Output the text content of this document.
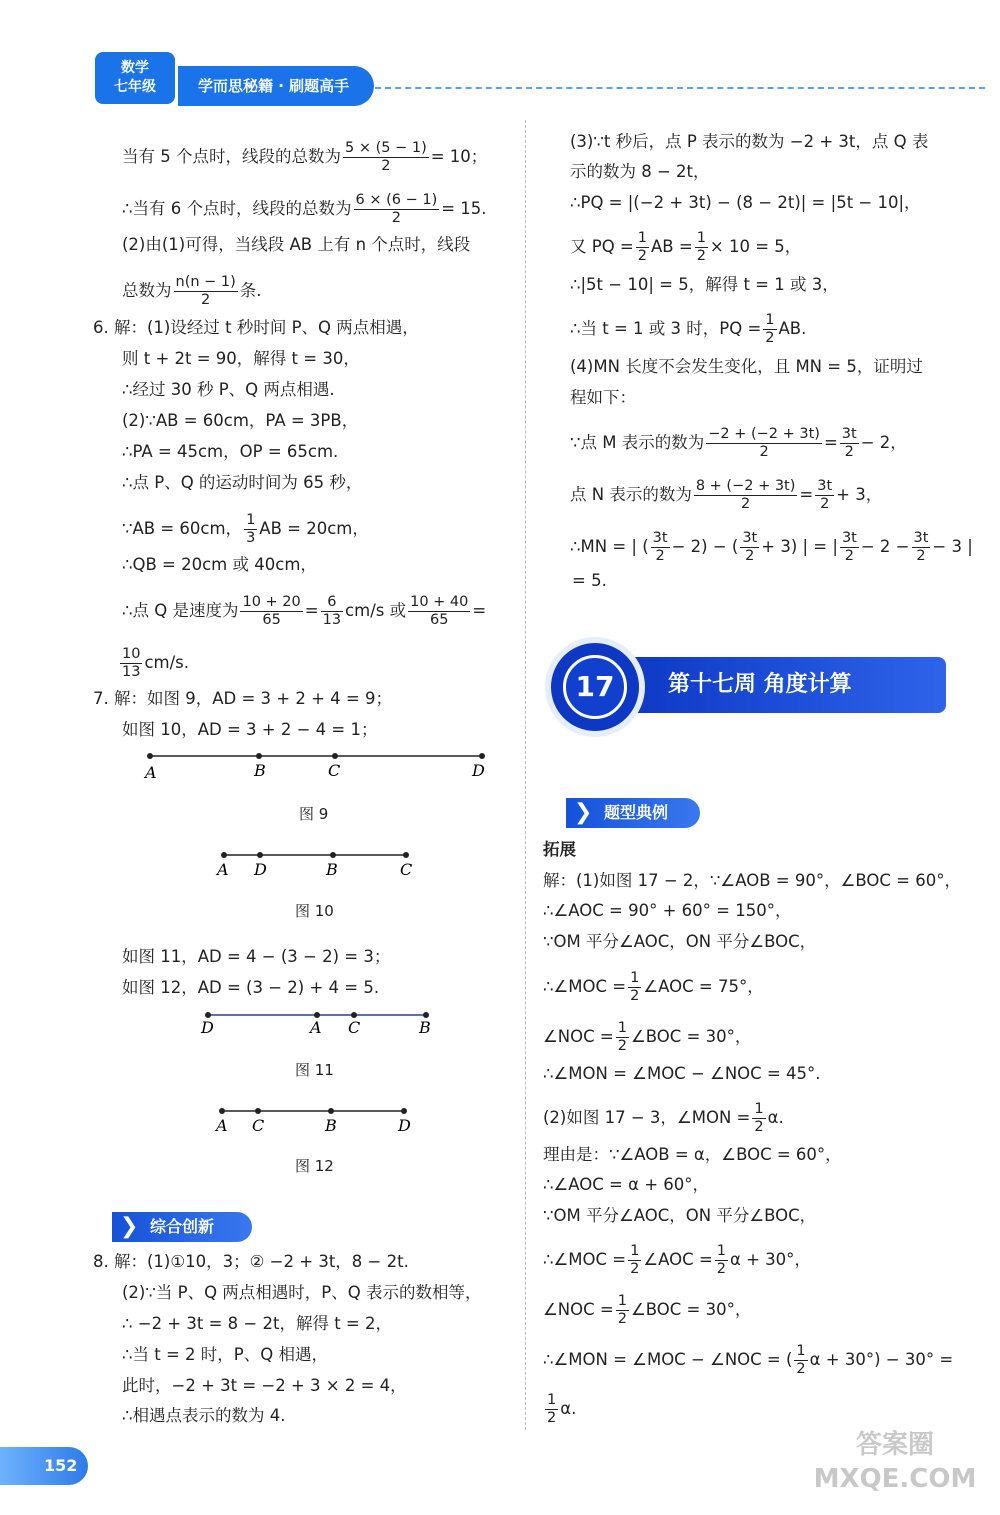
数学
七年级	学而思秘籍 · 刷题高手
当有 5 个点时，线段的总数为 $\frac{5 \times (5 - 1)}{2} = 10$；
∴当有 6 个点时，线段的总数为 $\frac{6 \times (6 - 1)}{2} = 15$.
(2)由(1)可得，当线段 AB 上有 n 个点时，线段
总数为 $\frac{n(n - 1)}{2}$ 条.
6. 解：(1)设经过 t 秒时间 P、Q 两点相遇，
则 t + 2t = 90，解得 t = 30，
∴经过 30 秒 P、Q 两点相遇.
(2)∵AB = 60cm，PA = 3PB，
∴PA = 45cm，OP = 65cm.
∴点 P、Q 的运动时间为 65 秒，
∵AB = 60cm， $\frac{1}{3}$ AB = 20cm，
∴QB = 20cm 或 40cm，
∴点 Q 是速度为 $\frac{10 + 20}{65} = \frac{6}{13} cm/s$ 或 $\frac{10 + 40}{65}$ =
$\frac{10}{13} cm/s$.
7. 解：如图 9，AD = 3 + 2 + 4 = 9；
如图 10，AD = 3 + 2 − 4 = 1；
A	B	C	D
图 9
A D	B	C
图 10
如图 11，AD = 4 − (3 − 2) = 3；
如图 12，AD = (3 − 2) + 4 = 5.
D	A C	B
图 11
A C	B	D
图 12
❯ 综合创新
8. 解：(1)①10，3；② −2 + 3t，8 − 2t.
(2)∵当 P、Q 两点相遇时，P、Q 表示的数相等，
∴ −2 + 3t = 8 − 2t，解得 t = 2，
∴当 t = 2 时，P、Q 相遇，
此时，−2 + 3t = −2 + 3 × 2 = 4，
∴相遇点表示的数为 4.
(3)∵t 秒后，点 P 表示的数为 −2 + 3t，点 Q 表
示的数为 8 − 2t，
∴PQ = |(−2 + 3t) − (8 − 2t)| = |5t − 10|，
又 PQ = $\frac{1}{2}$ AB = $\frac{1}{2} \times 10 = 5$，
∴|5t − 10| = 5，解得 t = 1 或 3，
∴当 t = 1 或 3 时，PQ = $\frac{1}{2}$ AB.
(4)MN 长度不会发生变化，且 MN = 5，证明过
程如下：
∵点 M 表示的数为 $\frac{-2 + (-2 + 3t)}{2} = \frac{3t}{2} - 2$，
点 N 表示的数为 $\frac{8 + (-2 + 3t)}{2} = \frac{3t}{2} + 3$，
∴MN = | ( $\frac{3t}{2} - 2$) − ( $\frac{3t}{2} + 3$) | = | $\frac{3t}{2} - 2 - \frac{3t}{2} - 3$ |
= 5.
第十七周 角度计算
17
❯ 题型典例
拓展
解：(1)如图 17 − 2，∵∠AOB = 90°，∠BOC = 60°，
∴∠AOC = 90° + 60° = 150°，
∵OM 平分∠AOC，ON 平分∠BOC，
∴∠MOC = $\frac{1}{2}$ ∠AOC = 75°，
∠NOC = $\frac{1}{2}$ ∠BOC = 30°，
∴∠MON = ∠MOC − ∠NOC = 45°.
(2)如图 17 − 3，∠MON = $\frac{1}{2} \alpha$.
理由是：∵∠AOB = α，∠BOC = 60°，
∴∠AOC = α + 60°，
∵OM 平分∠AOC，ON 平分∠BOC，
∴∠MOC = $\frac{1}{2}$ ∠AOC = $\frac{1}{2}$ α + 30°，
∠NOC = $\frac{1}{2}$ ∠BOC = 30°，
∴∠MON = ∠MOC − ∠NOC = ( $\frac{1}{2}$ α + 30°) − 30° =
$\frac{1}{2} \alpha$.
152
答案圈 MXQE.COM
